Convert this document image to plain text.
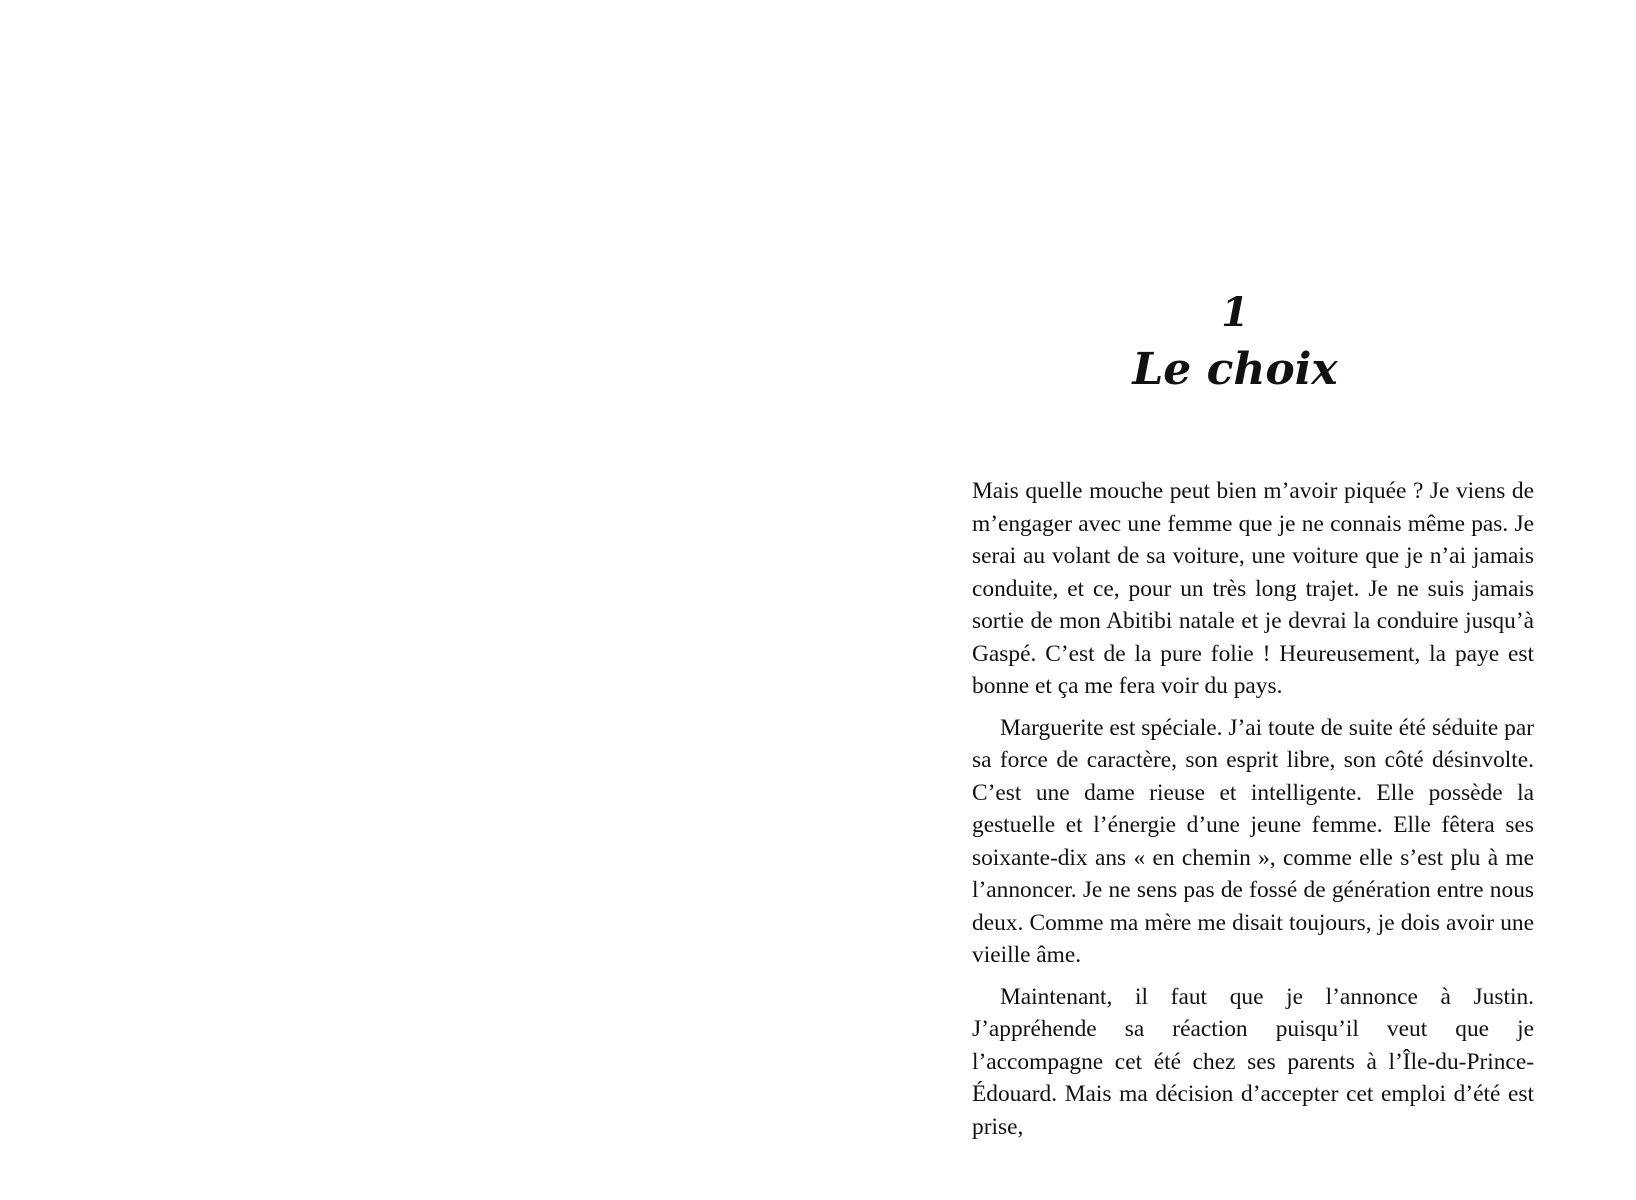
1
Le choix

Mais quelle mouche peut bien m’avoir piquée ? Je viens de m’engager avec une femme que je ne connais même pas. Je serai au volant de sa voiture, une voiture que je n’ai jamais conduite, et ce, pour un très long trajet. Je ne suis jamais sortie de mon Abitibi natale et je devrai la conduire jusqu’à Gaspé. C’est de la pure folie ! Heureusement, la paye est bonne et ça me fera voir du pays.

Marguerite est spéciale. J’ai toute de suite été séduite par sa force de caractère, son esprit libre, son côté désinvolte. C’est une dame rieuse et intelligente. Elle possède la gestuelle et l’énergie d’une jeune femme. Elle fêtera ses soixante-dix ans « en chemin », comme elle s’est plu à me l’annoncer. Je ne sens pas de fossé de génération entre nous deux. Comme ma mère me disait toujours, je dois avoir une vieille âme.

Maintenant, il faut que je l’annonce à Justin. J’appréhende sa réaction puisqu’il veut que je l’accompagne cet été chez ses parents à l’Île-du-Prince-Édouard. Mais ma décision d’accepter cet emploi d’été est prise,
